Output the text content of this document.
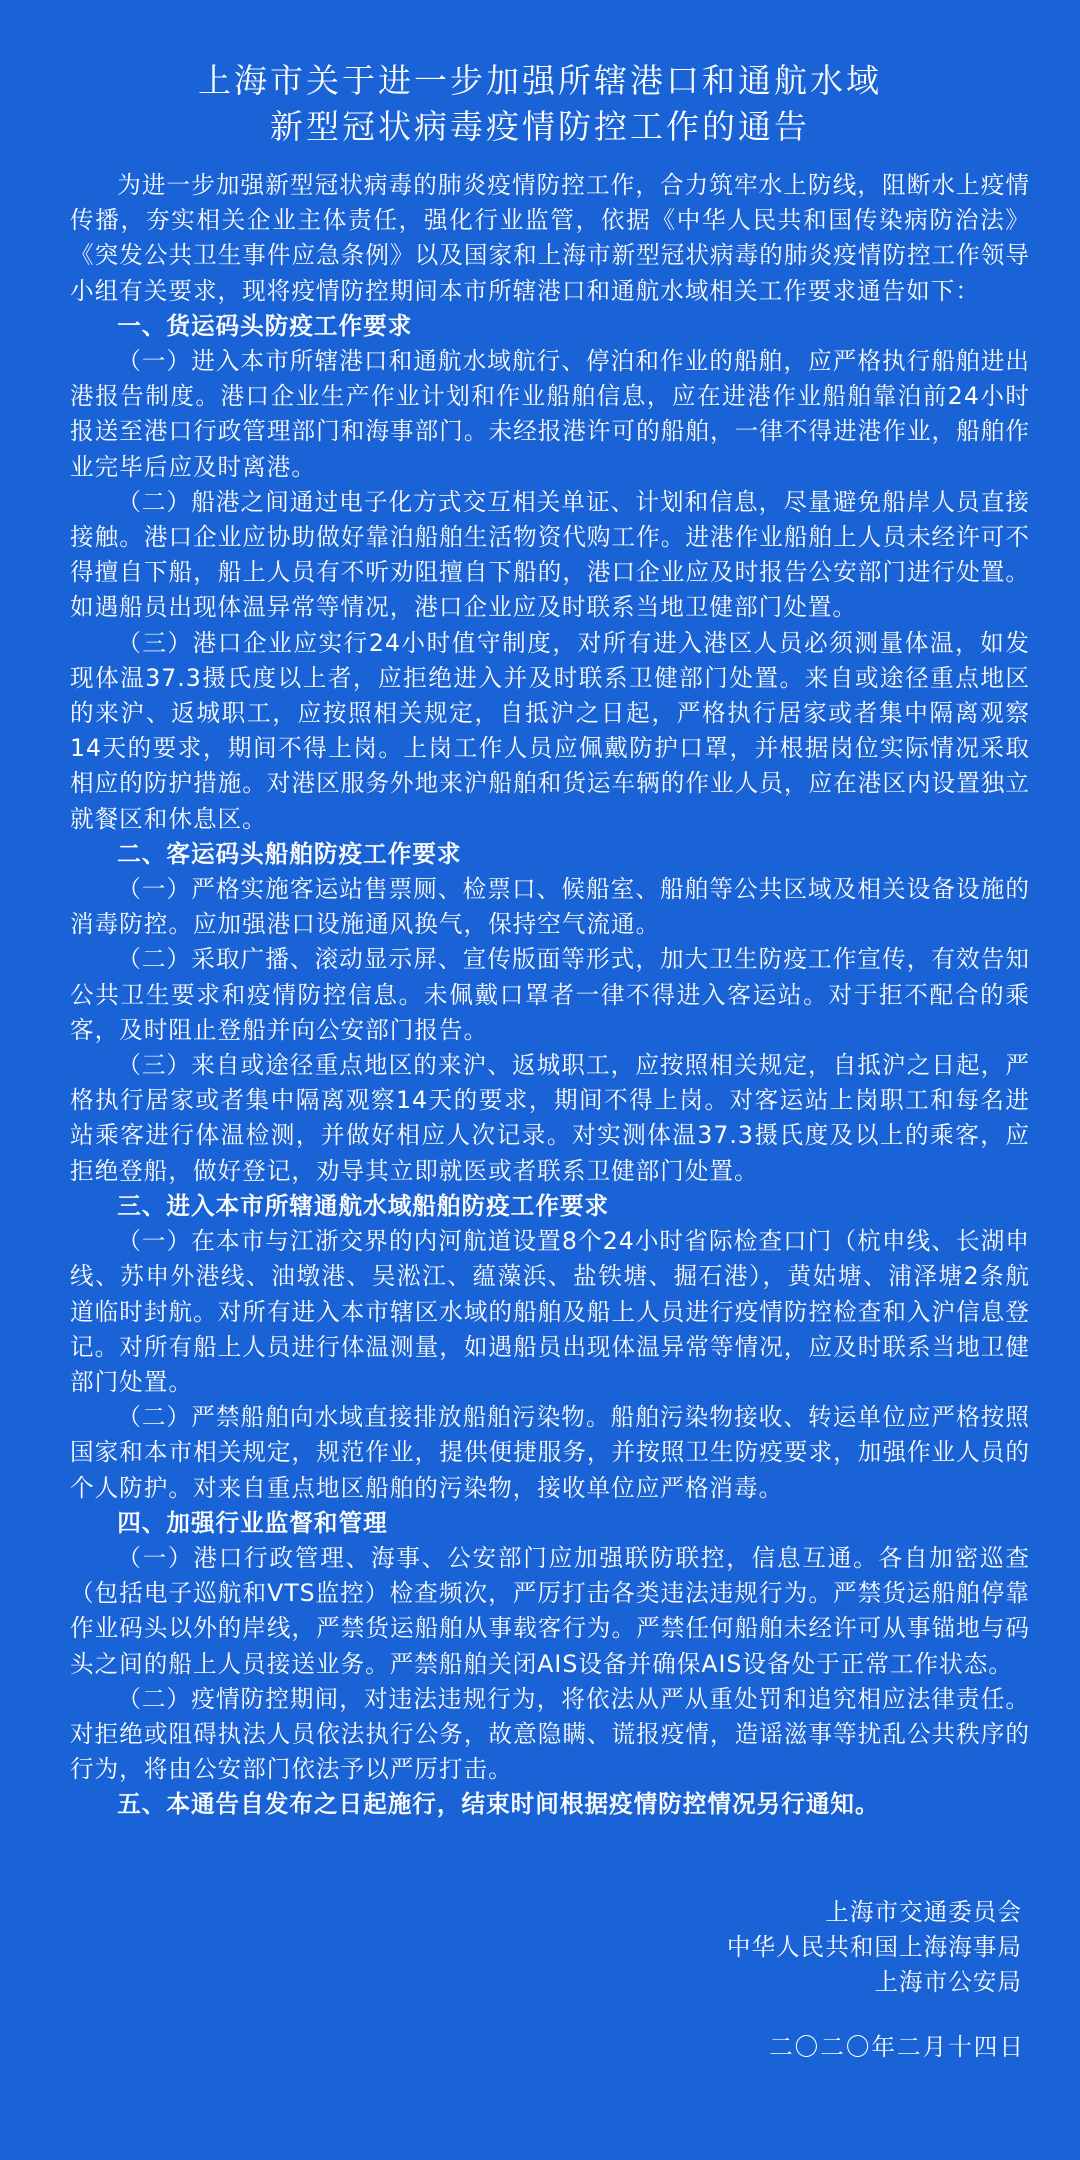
上海市关于进一步加强所辖港口和通航水域
新型冠状病毒疫情防控工作的通告

为进一步加强新型冠状病毒的肺炎疫情防控工作，合力筑牢水上防线，阻断水上疫情传播，夯实相关企业主体责任，强化行业监管，依据《中华人民共和国传染病防治法》《突发公共卫生事件应急条例》以及国家和上海市新型冠状病毒的肺炎疫情防控工作领导小组有关要求，现将疫情防控期间本市所辖港口和通航水域相关工作要求通告如下：

一、货运码头防疫工作要求

（一）进入本市所辖港口和通航水域航行、停泊和作业的船舶，应严格执行船舶进出港报告制度。港口企业生产作业计划和作业船舶信息，应在进港作业船舶靠泊前24小时报送至港口行政管理部门和海事部门。未经报港许可的船舶，一律不得进港作业，船舶作业完毕后应及时离港。

（二）船港之间通过电子化方式交互相关单证、计划和信息，尽量避免船岸人员直接接触。港口企业应协助做好靠泊船舶生活物资代购工作。进港作业船舶上人员未经许可不得擅自下船，船上人员有不听劝阻擅自下船的，港口企业应及时报告公安部门进行处置。如遇船员出现体温异常等情况，港口企业应及时联系当地卫健部门处置。

（三）港口企业应实行24小时值守制度，对所有进入港区人员必须测量体温，如发现体温37.3摄氏度以上者，应拒绝进入并及时联系卫健部门处置。来自或途径重点地区的来沪、返城职工，应按照相关规定，自抵沪之日起，严格执行居家或者集中隔离观察14天的要求，期间不得上岗。上岗工作人员应佩戴防护口罩，并根据岗位实际情况采取相应的防护措施。对港区服务外地来沪船舶和货运车辆的作业人员，应在港区内设置独立就餐区和休息区。

二、客运码头船舶防疫工作要求

（一）严格实施客运站售票厕、检票口、候船室、船舶等公共区域及相关设备设施的消毒防控。应加强港口设施通风换气，保持空气流通。

（二）采取广播、滚动显示屏、宣传版面等形式，加大卫生防疫工作宣传，有效告知公共卫生要求和疫情防控信息。未佩戴口罩者一律不得进入客运站。对于拒不配合的乘客，及时阻止登船并向公安部门报告。

（三）来自或途径重点地区的来沪、返城职工，应按照相关规定，自抵沪之日起，严格执行居家或者集中隔离观察14天的要求，期间不得上岗。对客运站上岗职工和每名进站乘客进行体温检测，并做好相应人次记录。对实测体温37.3摄氏度及以上的乘客，应拒绝登船，做好登记，劝导其立即就医或者联系卫健部门处置。

三、进入本市所辖通航水域船舶防疫工作要求

（一）在本市与江浙交界的内河航道设置8个24小时省际检查口门（杭申线、长湖申线、苏申外港线、油墩港、吴淞江、蕴藻浜、盐铁塘、掘石港），黄姑塘、浦泽塘2条航道临时封航。对所有进入本市辖区水域的船舶及船上人员进行疫情防控检查和入沪信息登记。对所有船上人员进行体温测量，如遇船员出现体温异常等情况，应及时联系当地卫健部门处置。

（二）严禁船舶向水域直接排放船舶污染物。船舶污染物接收、转运单位应严格按照国家和本市相关规定，规范作业，提供便捷服务，并按照卫生防疫要求，加强作业人员的个人防护。对来自重点地区船舶的污染物，接收单位应严格消毒。

四、加强行业监督和管理

（一）港口行政管理、海事、公安部门应加强联防联控，信息互通。各自加密巡查（包括电子巡航和VTS监控）检查频次，严厉打击各类违法违规行为。严禁货运船舶停靠作业码头以外的岸线，严禁货运船舶从事载客行为。严禁任何船舶未经许可从事锚地与码头之间的船上人员接送业务。严禁船舶关闭AIS设备并确保AIS设备处于正常工作状态。

（二）疫情防控期间，对违法违规行为，将依法从严从重处罚和追究相应法律责任。对拒绝或阻碍执法人员依法执行公务，故意隐瞒、谎报疫情，造谣滋事等扰乱公共秩序的行为，将由公安部门依法予以严厉打击。

五、本通告自发布之日起施行，结束时间根据疫情防控情况另行通知。
上海市交通委员会
中华人民共和国上海海事局
上海市公安局
二〇二〇年二月十四日
